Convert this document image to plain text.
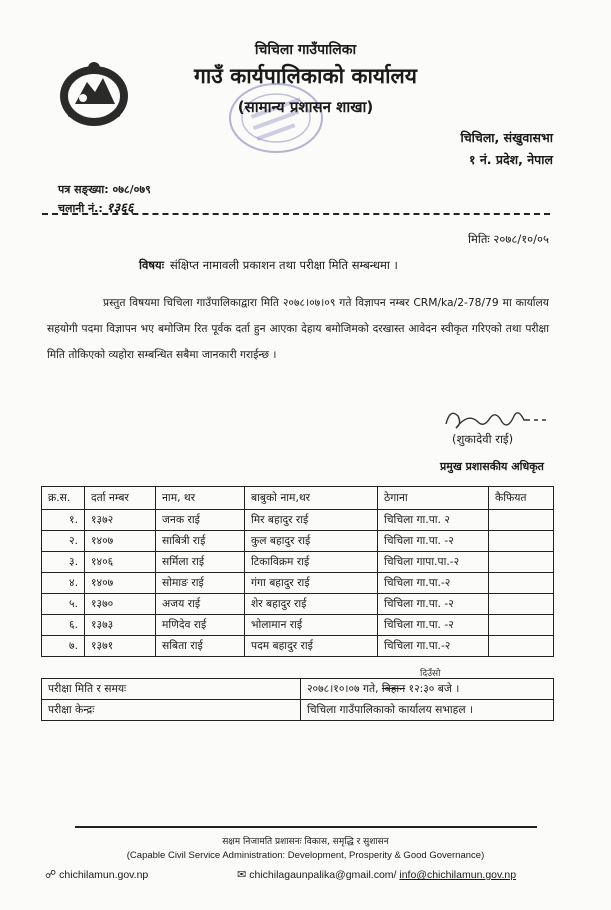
चिचिला गाउँपालिका
गाउँ कार्यपालिकाको कार्यालय
(सामान्य प्रशासन शाखा)
चिचिला, संखुवासभा
१ नं. प्रदेश, नेपाल
पत्र सङ्ख्या: ०७८/०७९
चलानी नं.: १३६६
मितिः २०७८/१०/०५
विषयः संक्षिप्त नामावली प्रकाशन तथा परीक्षा मिति सम्बन्धमा ।

प्रस्तुत विषयमा चिचिला गाउँपालिकाद्वारा मिति २०७८।०७।०९ गते विज्ञापन नम्बर CRM/ka/2-78/79 मा कार्यालय सहयोगी पदमा विज्ञापन भए बमोजिम रित पूर्वक दर्ता हुन आएका देहाय बमोजिमको दरखास्त आवेदन स्वीकृत गरिएको तथा परीक्षा मिति तोकिएको व्यहोरा सम्बन्धित सबैमा जानकारी गराईन्छ ।

(शुकादेवी राई)
प्रमुख प्रशासकीय अधिकृत
क्र.स.	दर्ता नम्बर	नाम, थर	बाबुको नाम,थर	ठेगाना	कैफियत
१.	१३७२	जनक राई	मिर बहादुर राई	चिचिला गा.पा. २	
२.	१४०७	साबित्री राई	कुल बहादुर राई	चिचिला गा.पा. -२	
३.	१४०६	सर्मिला राई	टिकाविक्रम राई	चिचिला गापा.पा.-२	
४.	१४०७	सोमाङ राई	गंगा बहादुर राई	चिचिला गा.पा.-२	
५.	१३७०	अजय राई	शेर बहादुर राई	चिचिला गा.पा. -२	
६.	१३७३	मणिदेव राई	भोलामान राई	चिचिला गा.पा. -२	
७.	१३७१	सबिता राई	पदम बहादुर राई	चिचिला गा.पा.-२	
दिउँसो
परीक्षा मिति र समयः	२०७८।१०।०७ गते, बिहान १२:३० बजे ।
परीक्षा केन्द्रः	चिचिला गाउँपालिकाको कार्यालय सभाहल ।
सक्षम निजामति प्रशासनः विकास, समृद्धि र सुशासन
(Capable Civil Service Administration: Development, Prosperity & Good Governance)
☍ chichilamun.gov.np	✉ chichilagaunpalika@gmail.com/ info@chichilamun.gov.np
